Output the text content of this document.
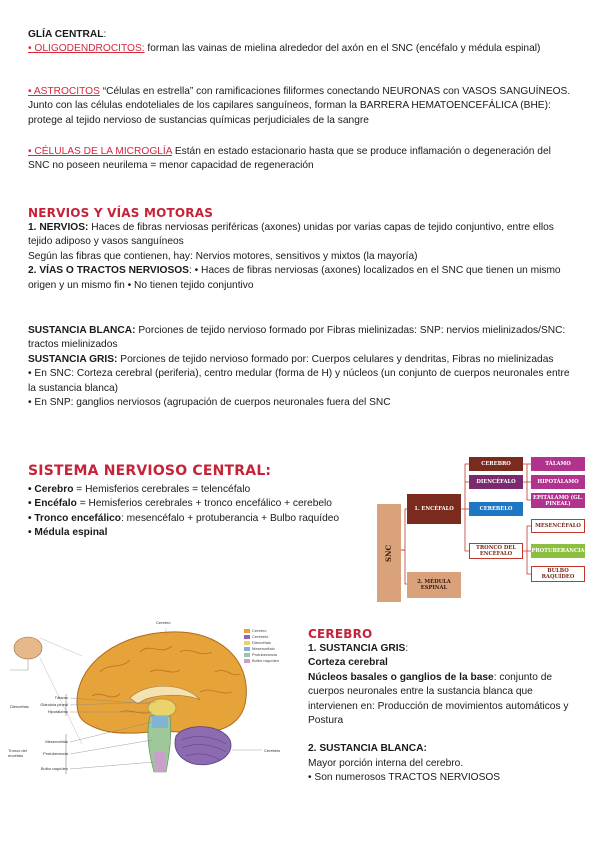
GLÍA CENTRAL:

• OLIGODENDROCITOS: forman las vainas de mielina alrededor del axón en el SNC (encéfalo y médula espinal)

• ASTROCITOS “Células en estrella” con ramificaciones filiformes conectando NEURONAS con VASOS SANGUÍNEOS. Junto con las células endoteliales de los capilares sanguíneos, forman la BARRERA HEMATOENCEFÁLICA (BHE): protege al tejido nervioso de sustancias químicas perjudiciales de la sangre

• CÉLULAS DE LA MICROGLÍA Están en estado estacionario hasta que se produce inflamación o degeneración del SNC no poseen neurilema = menor capacidad de regeneración

NERVIOS Y VÍAS MOTORAS

1. NERVIOS: Haces de fibras nerviosas periféricas (axones) unidas por varias capas de tejido conjuntivo, entre ellos tejido adiposo y vasos sanguíneos

Según las fibras que contienen, hay: Nervios motores, sensitivos y mixtos (la mayoría)

2. VÍAS O TRACTOS NERVIOSOS: • Haces de fibras nerviosas (axones) localizados en el SNC que tienen un mismo origen y un mismo fin • No tienen tejido conjuntivo

SUSTANCIA BLANCA: Porciones de tejido nervioso formado por Fibras mielinizadas: SNP: nervios mielinizados/SNC: tractos mielinizados

SUSTANCIA GRIS: Porciones de tejido nervioso formado por: Cuerpos celulares y dendritas, Fibras no mielinizadas

• En SNC: Corteza cerebral (periferia), centro medular (forma de H) y núcleos (un conjunto de cuerpos neuronales entre la sustancia blanca)

• En SNP: ganglios nerviosos (agrupación de cuerpos neuronales fuera del SNC

SISTEMA NERVIOSO CENTRAL:

• Cerebro = Hemisferios cerebrales = telencéfalo

• Encéfalo = Hemisferios cerebrales + tronco encefálico + cerebelo

• Tronco encefálico: mesencéfalo + protuberancia + Bulbo raquídeo

• Médula espinal

SNC
1. ENCÉFALO
2. MÉDULA ESPINAL
CEREBRO
DIENCÉFALO
CEREBELO
TRONCO DEL ENCÉFALO
TÁLAMO
HIPOTÁLAMO
EPITÁLAMO (GL. PINEAL)
MESENCÉFALO
PROTUBERANCIA
BULBO RAQUÍDEO
Cerebro
Tálamo
Glándula pineal
Hipotálamo
Diencéfalo
Mesencéfalo
Protuberancia
Tronco del encéfalo
Bulbo raquídeo
Cerebelo
Cerebro
Cerebelo
Diencéfalo
Mesencéfalo
Protuberancia
Bulbo raquídeo

CEREBRO

1. SUSTANCIA GRIS:

Corteza cerebral

Núcleos basales o ganglios de la base: conjunto de cuerpos neuronales entre la sustancia blanca que intervienen en: Producción de movimientos automáticos y Postura

2. SUSTANCIA BLANCA:

Mayor porción interna del cerebro.

• Son numerosos TRACTOS NERVIOSOS
